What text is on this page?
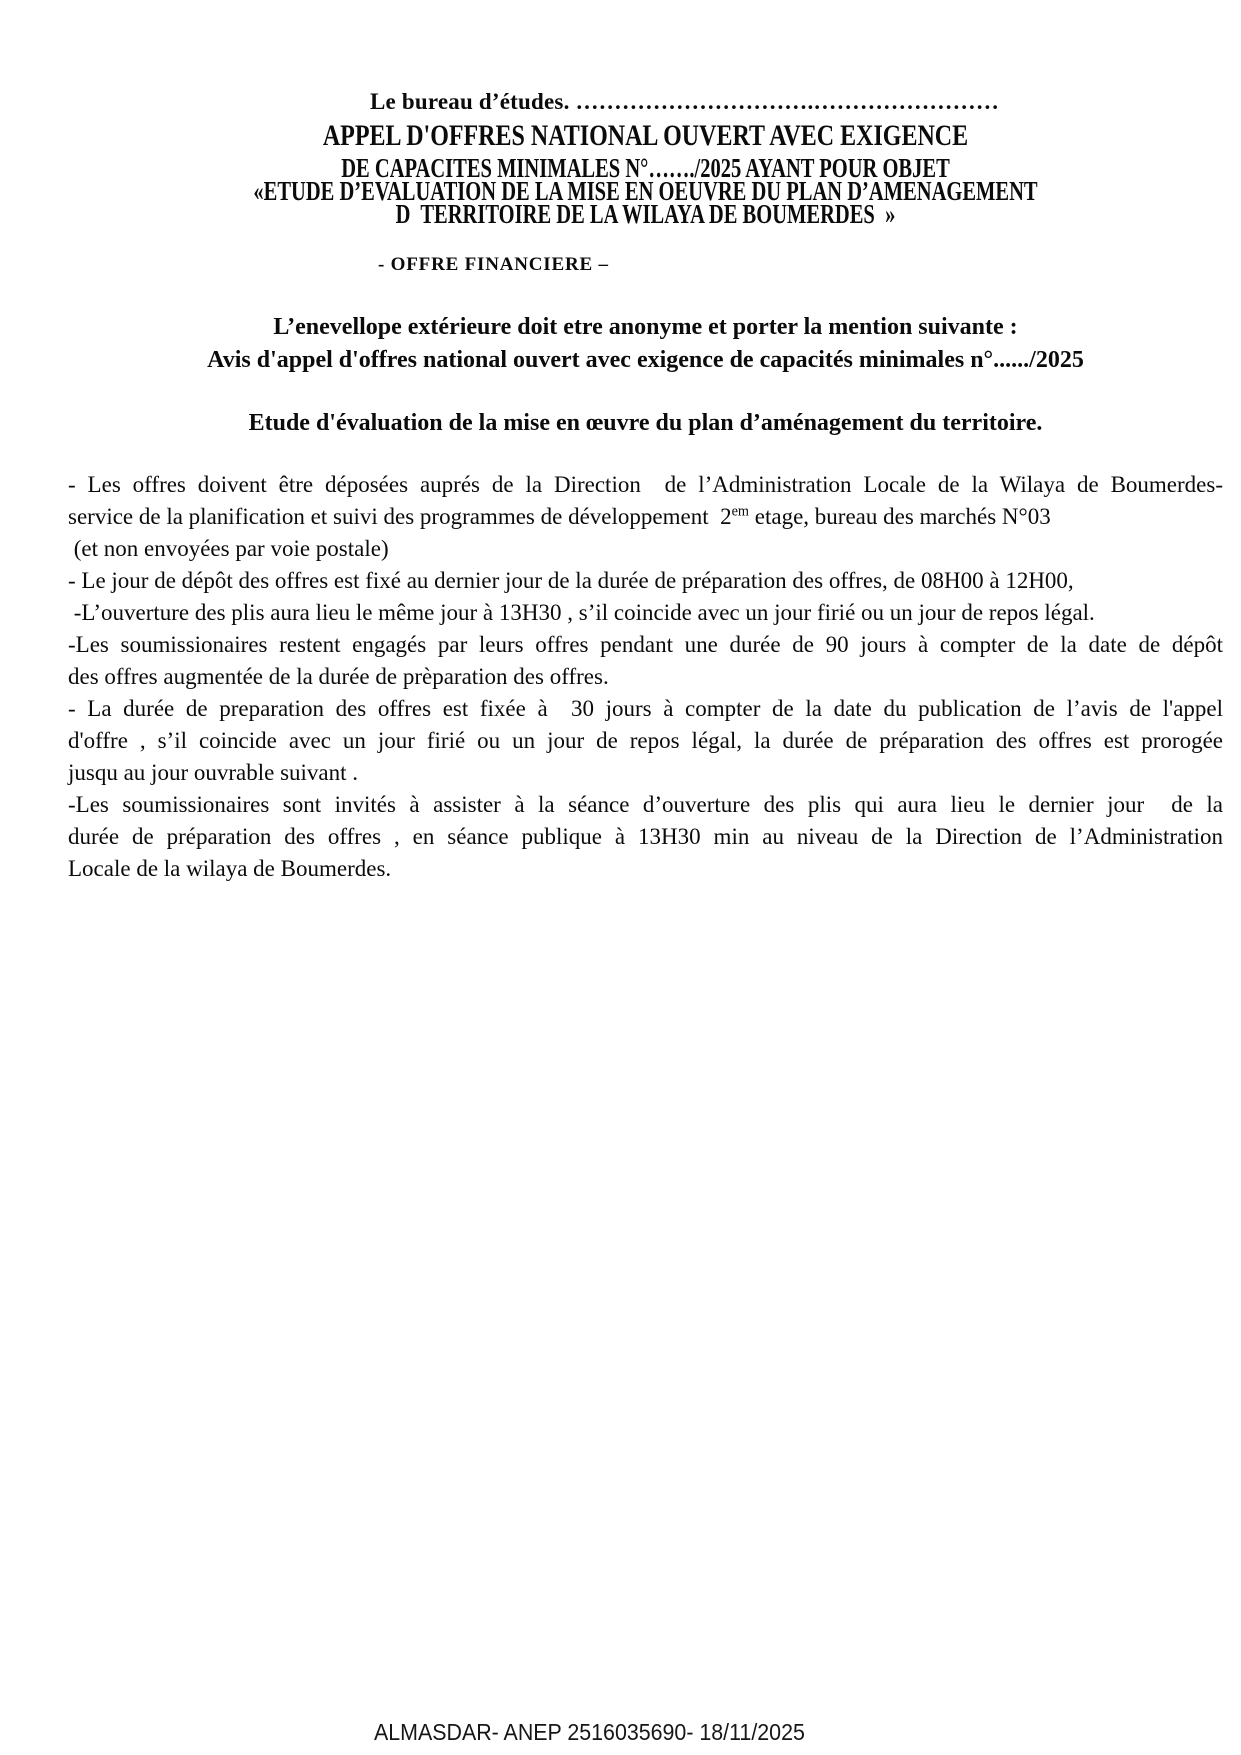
Le bureau d’études. ………………………….……………………
APPEL D'OFFRES NATIONAL OUVERT AVEC EXIGENCE
DE CAPACITES MINIMALES N°……./2025 AYANT POUR OBJET
«ETUDE D’EVALUATION DE LA MISE EN OEUVRE DU PLAN D’AMENAGEMENT
D  TERRITOIRE DE LA WILAYA DE BOUMERDES  »
- OFFRE FINANCIERE –
L’enevellope extérieure doit etre anonyme et porter la mention suivante :
Avis d'appel d'offres national ouvert avec exigence de capacités minimales n°....../2025
Etude d'évaluation de la mise en œuvre du plan d’aménagement du territoire.
- Les offres doivent être déposées auprés de la Direction  de l’Administration Locale de la Wilaya de Boumerdes-
service de la planification et suivi des programmes de développement  $2^{em}$ etage, bureau des marchés N°03
(et non envoyées par voie postale)
- Le jour de dépôt des offres est fixé au dernier jour de la durée de préparation des offres, de 08H00 à 12H00,
-L’ouverture des plis aura lieu le même jour à 13H30 , s’il coincide avec un jour firié ou un jour de repos légal.
-Les soumissionaires restent engagés par leurs offres pendant une durée de 90 jours à compter de la date de dépôt
des offres augmentée de la durée de prèparation des offres.
- La durée de preparation des offres est fixée à  30 jours à compter de la date du publication de l’avis de l'appel
d'offre , s’il coincide avec un jour firié ou un jour de repos légal, la durée de préparation des offres est prorogée
jusqu au jour ouvrable suivant .
-Les soumissionaires sont invités à assister à la séance d’ouverture des plis qui aura lieu le dernier jour  de la
durée de préparation des offres , en séance publique à 13H30 min au niveau de la Direction de l’Administration
Locale de la wilaya de Boumerdes.
ALMASDAR- ANEP 2516035690- 18/11/2025
